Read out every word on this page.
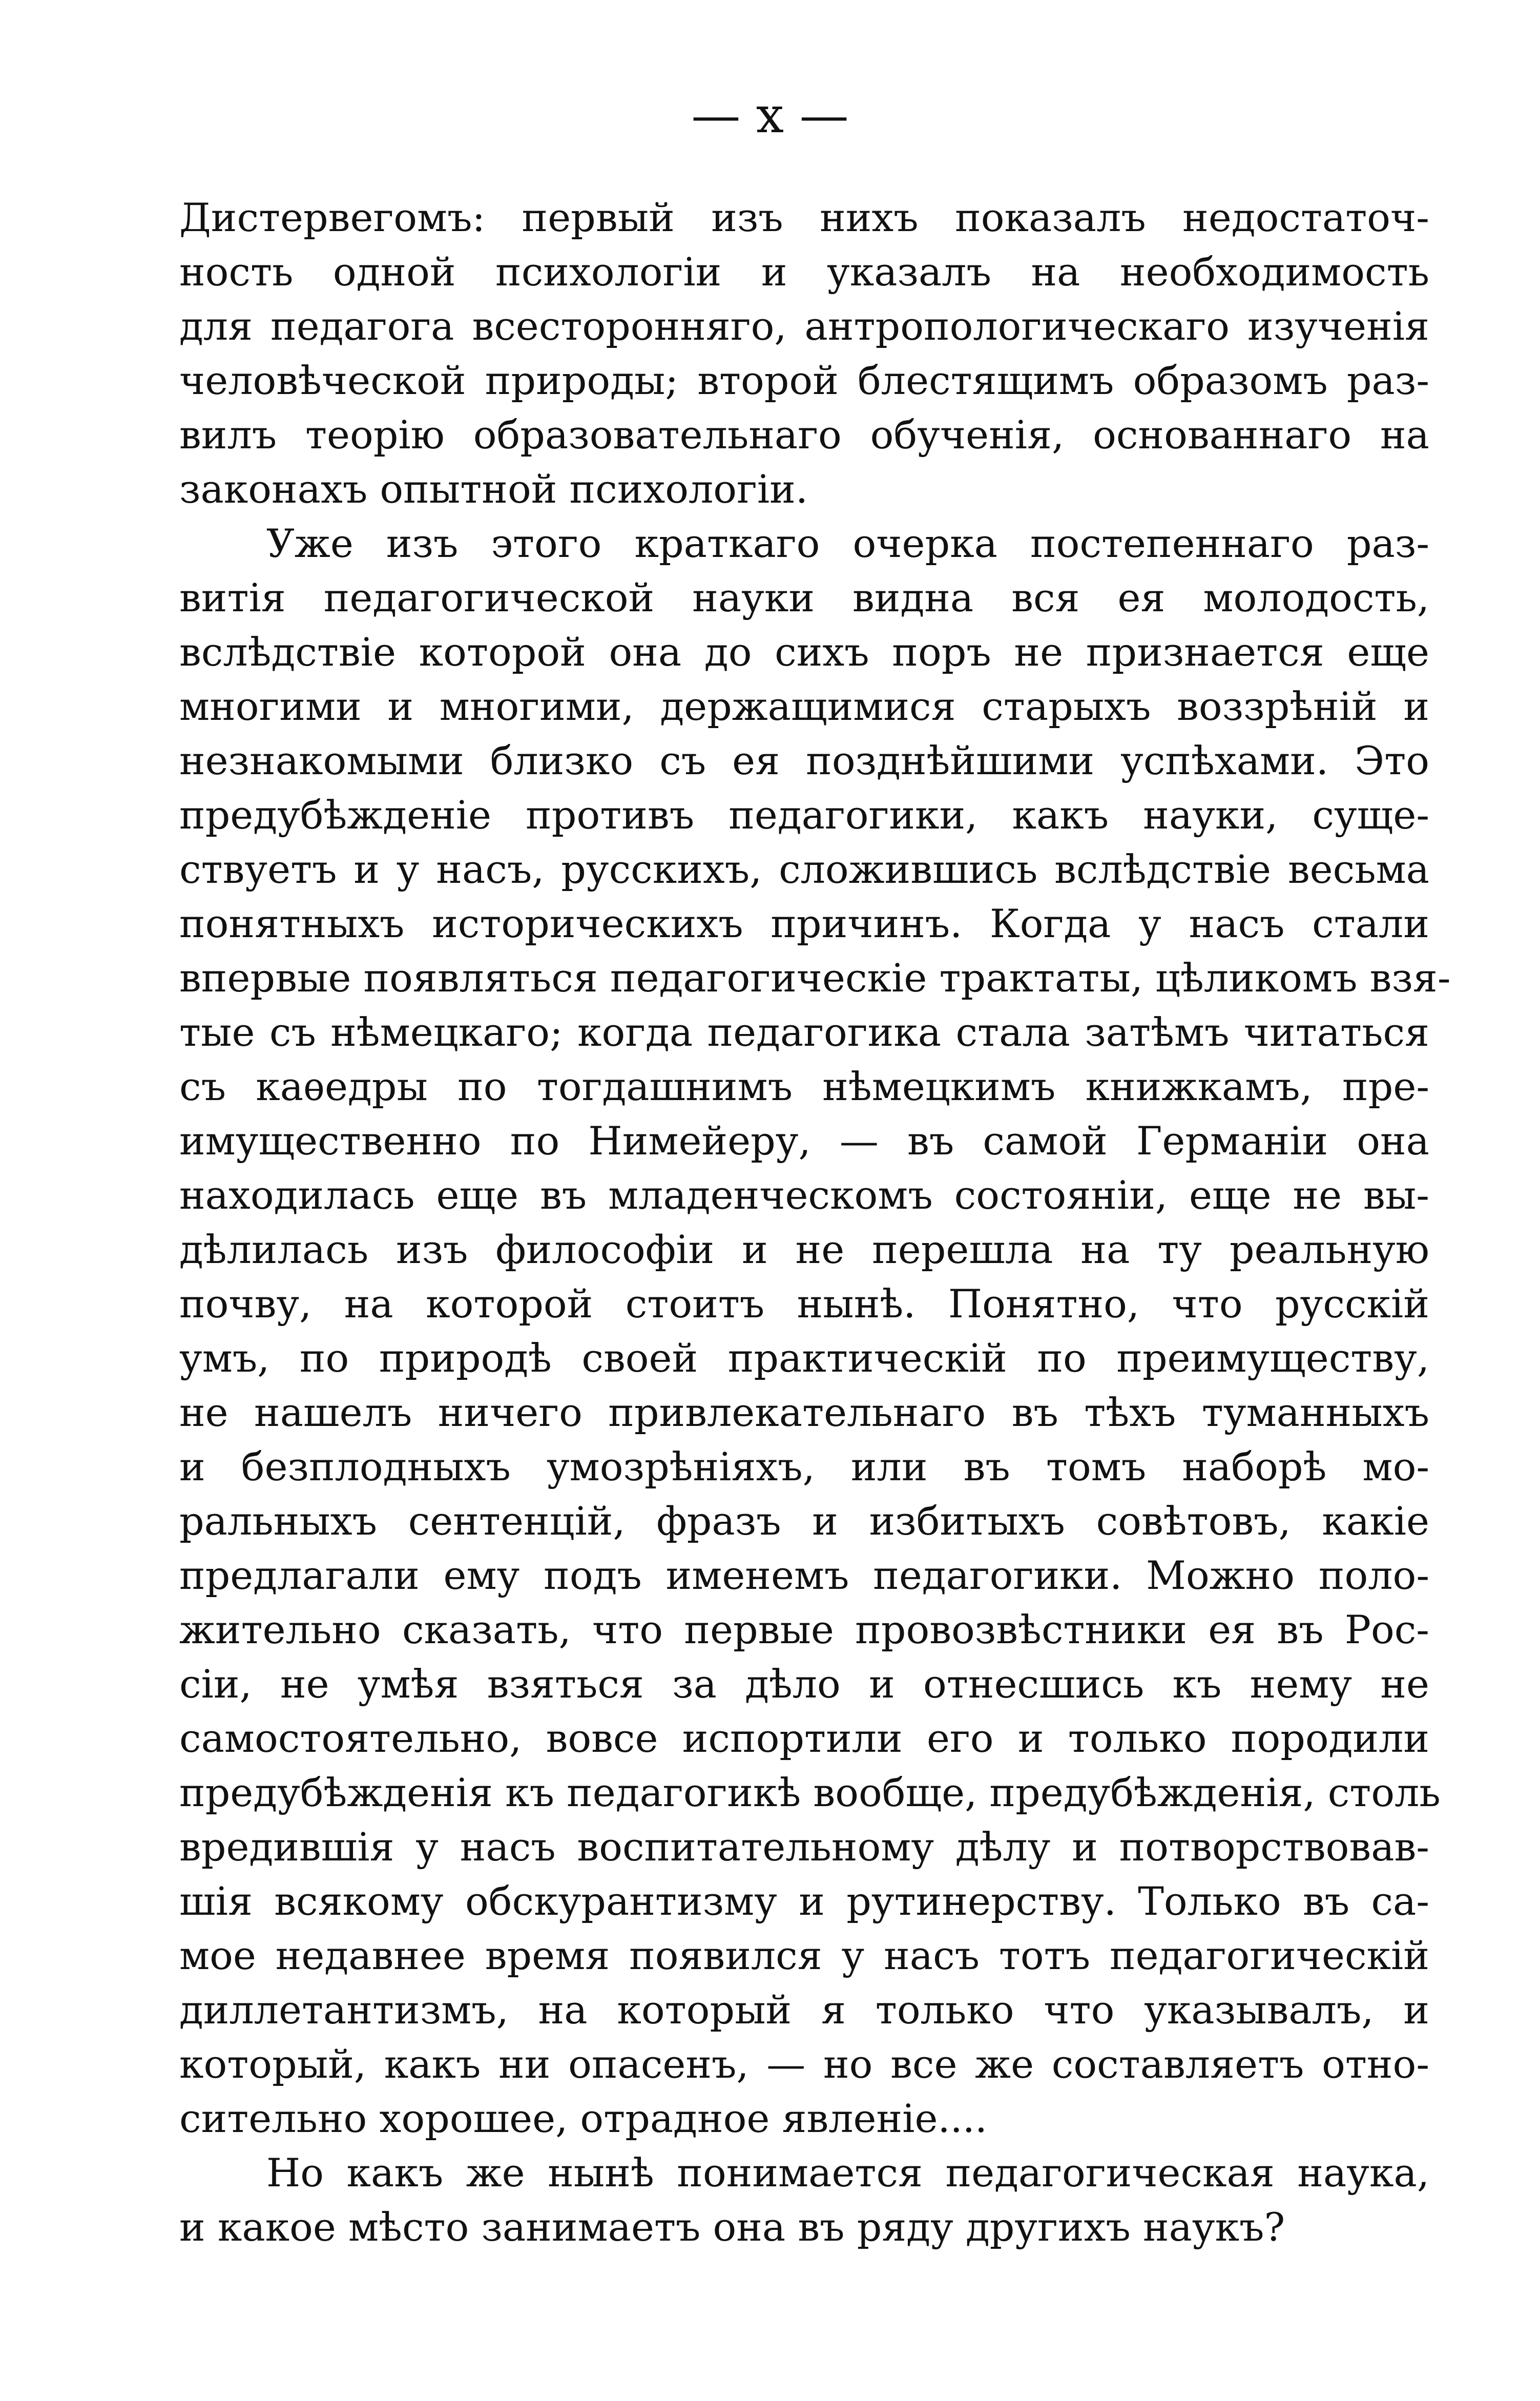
— x —
Дистервегомъ: первый изъ нихъ показалъ недостаточ-
ность одной психологіи и указалъ на необходимость
для педагога всесторонняго, антропологическаго изученія
человѣческой природы; второй блестящимъ образомъ раз-
вилъ теорію образовательнаго обученія, основаннаго на
законахъ опытной психологіи.
Уже изъ этого краткаго очерка постепеннаго раз-
витія педагогической науки видна вся ея молодость,
вслѣдствіе которой она до сихъ поръ не признается еще
многими и многими, держащимися старыхъ воззрѣній и
незнакомыми близко съ ея позднѣйшими успѣхами. Это
предубѣжденіе противъ педагогики, какъ науки, суще-
ствуетъ и у насъ, русскихъ, сложившись вслѣдствіе весьма
понятныхъ историческихъ причинъ. Когда у насъ стали
впервые появляться педагогическіе трактаты, цѣликомъ взя-
тые съ нѣмецкаго; когда педагогика стала затѣмъ читаться
съ каѳедры по тогдашнимъ нѣмецкимъ книжкамъ, пре-
имущественно по Нимейеру, — въ самой Германіи она
находилась еще въ младенческомъ состояніи, еще не вы-
дѣлилась изъ философіи и не перешла на ту реальную
почву, на которой стоитъ нынѣ. Понятно, что русскій
умъ, по природѣ своей практическій по преимуществу,
не нашелъ ничего привлекательнаго въ тѣхъ туманныхъ
и безплодныхъ умозрѣніяхъ, или въ томъ наборѣ мо-
ральныхъ сентенцій, фразъ и избитыхъ совѣтовъ, какіе
предлагали ему подъ именемъ педагогики. Можно поло-
жительно сказать, что первые провозвѣстники ея въ Рос-
сіи, не умѣя взяться за дѣло и отнесшись къ нему не
самостоятельно, вовсе испортили его и только породили
предубѣжденія къ педагогикѣ вообще, предубѣжденія, столь
вредившія у насъ воспитательному дѣлу и потворствовав-
шія всякому обскурантизму и рутинерству. Только въ са-
мое недавнее время появился у насъ тотъ педагогическій
диллетантизмъ, на который я только что указывалъ, и
который, какъ ни опасенъ, — но все же составляетъ отно-
сительно хорошее, отрадное явленіе....
Но какъ же нынѣ понимается педагогическая наука,
и какое мѣсто занимаетъ она въ ряду другихъ наукъ?
